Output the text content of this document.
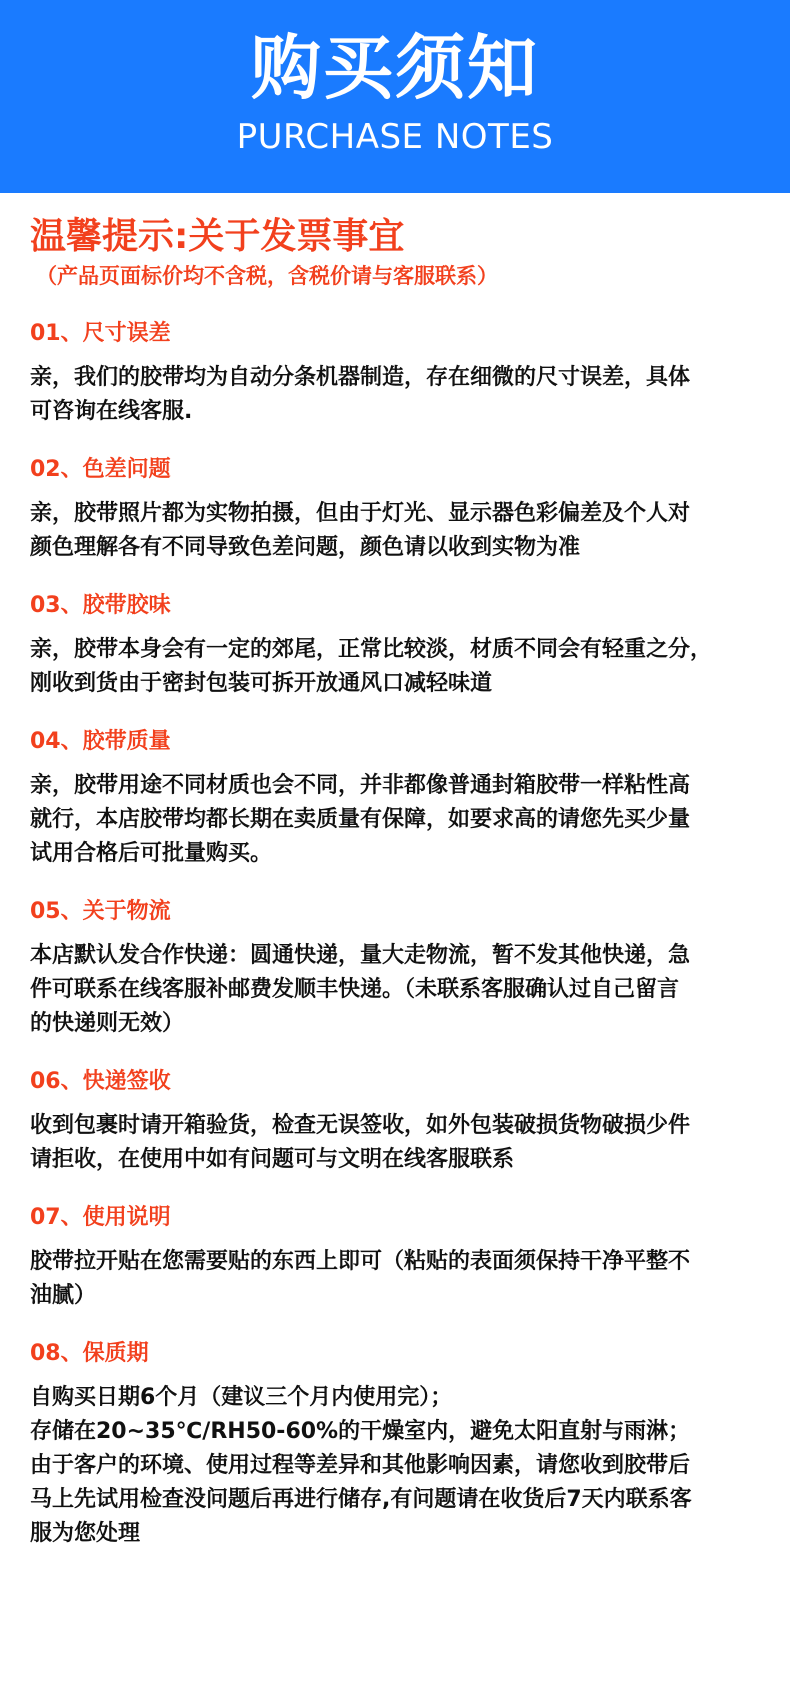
购买须知
PURCHASE NOTES
温馨提示:关于发票事宜
（产品页面标价均不含税，含税价请与客服联系）
01、尺寸误差
亲，我们的胶带均为自动分条机器制造，存在细微的尺寸误差，具体
可咨询在线客服.
02、色差问题
亲，胶带照片都为实物拍摄，但由于灯光、显示器色彩偏差及个人对
颜色理解各有不同导致色差问题，颜色请以收到实物为准
03、胶带胶味
亲，胶带本身会有一定的郊尾，正常比较淡，材质不同会有轻重之分，
刚收到货由于密封包装可拆开放通风口减轻味道
04、胶带质量
亲，胶带用途不同材质也会不同，并非都像普通封箱胶带一样粘性高
就行，本店胶带均都长期在卖质量有保障，如要求高的请您先买少量
试用合格后可批量购买。
05、关于物流
本店默认发合作快递：圆通快递，量大走物流，暂不发其他快递，急
件可联系在线客服补邮费发顺丰快递。（未联系客服确认过自己留言
的快递则无效）
06、快递签收
收到包裹时请开箱验货，检查无误签收，如外包装破损货物破损少件
请拒收，在使用中如有问题可与文明在线客服联系
07、使用说明
胶带拉开贴在您需要贴的东西上即可（粘贴的表面须保持干净平整不
油腻）
08、保质期
自购买日期6个月（建议三个月内使用完）；
存储在20~35℃/RH50-60%的干燥室内，避免太阳直射与雨淋；
由于客户的环境、使用过程等差异和其他影响因素，请您收到胶带后
马上先试用检查没问题后再进行储存,有问题请在收货后7天内联系客
服为您处理
